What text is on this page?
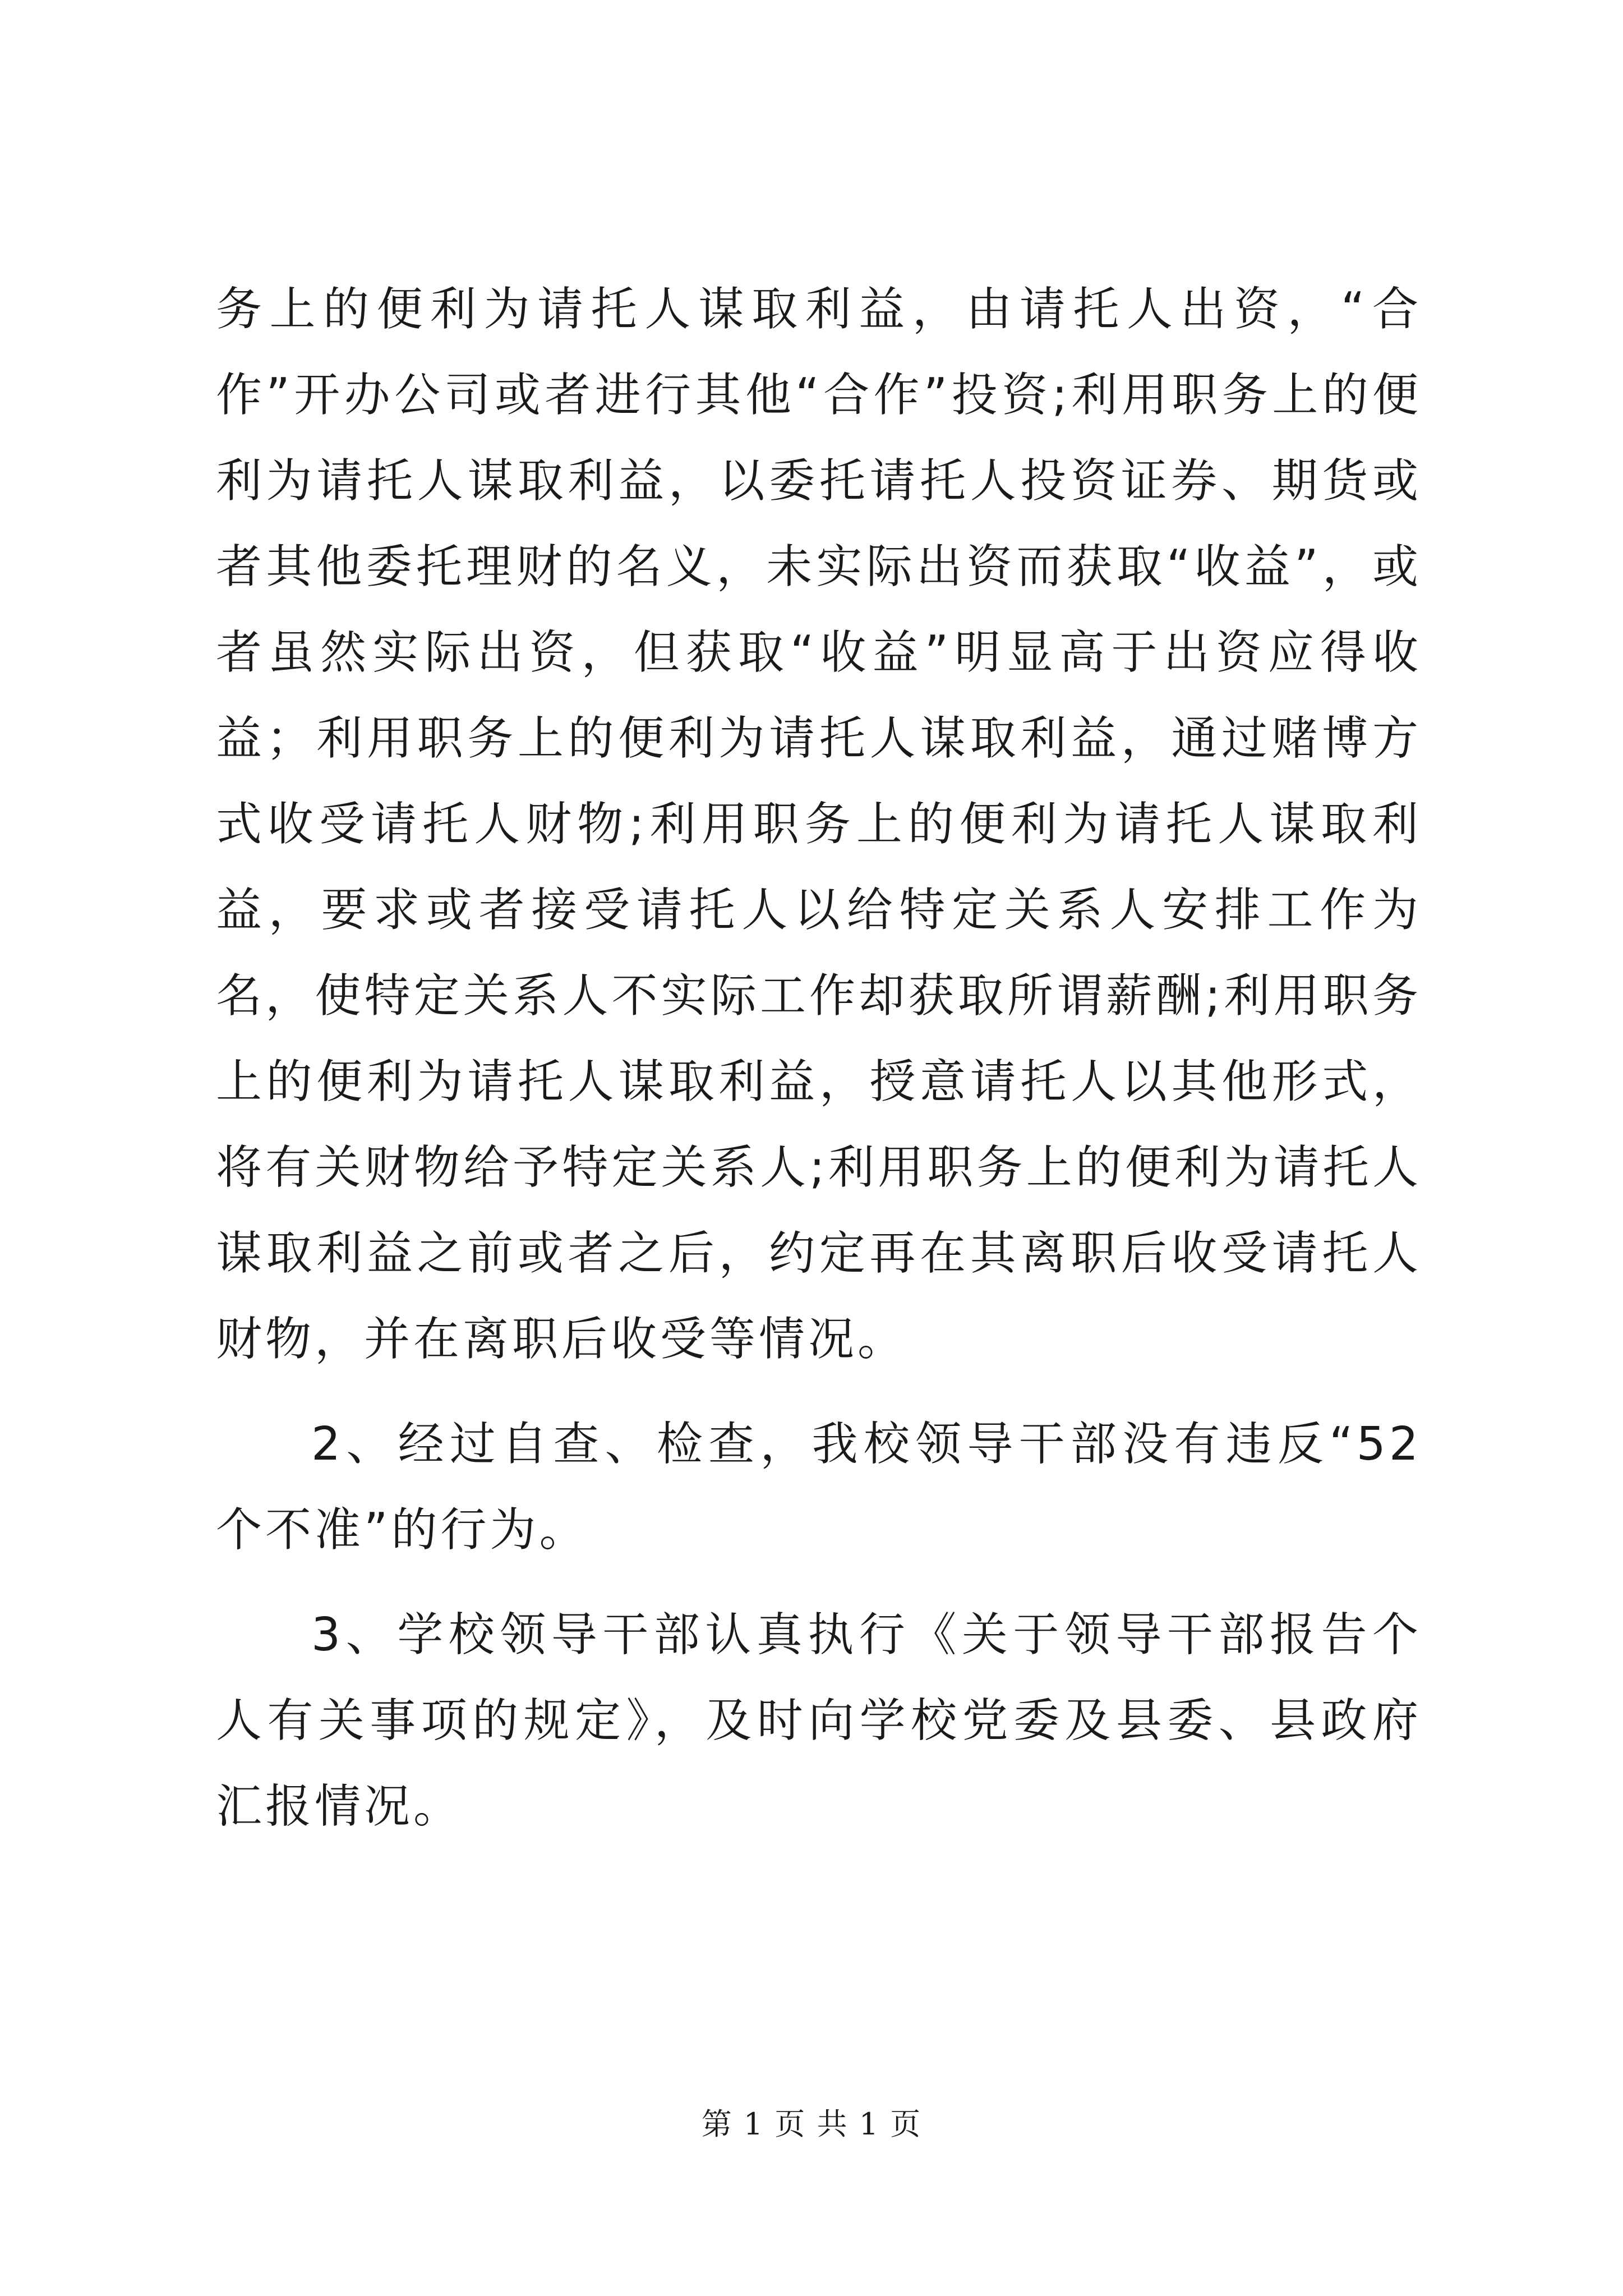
务上的便利为请托人谋取利益，由请托人出资，“合作”开办公司或者进行其他“合作”投资;利用职务上的便利为请托人谋取利益，以委托请托人投资证券、期货或者其他委托理财的名义，未实际出资而获取“收益”，或者虽然实际出资，但获取“收益”明显高于出资应得收益；利用职务上的便利为请托人谋取利益，通过赌博方式收受请托人财物;利用职务上的便利为请托人谋取利益，要求或者接受请托人以给特定关系人安排工作为名，使特定关系人不实际工作却获取所谓薪酬;利用职务上的便利为请托人谋取利益，授意请托人以其他形式，将有关财物给予特定关系人;利用职务上的便利为请托人谋取利益之前或者之后，约定再在其离职后收受请托人财物，并在离职后收受等情况。

2、经过自查、检查，我校领导干部没有违反“52个不准”的行为。

3、学校领导干部认真执行《关于领导干部报告个人有关事项的规定》，及时向学校党委及县委、县政府汇报情况。

第 1 页 共 1 页
